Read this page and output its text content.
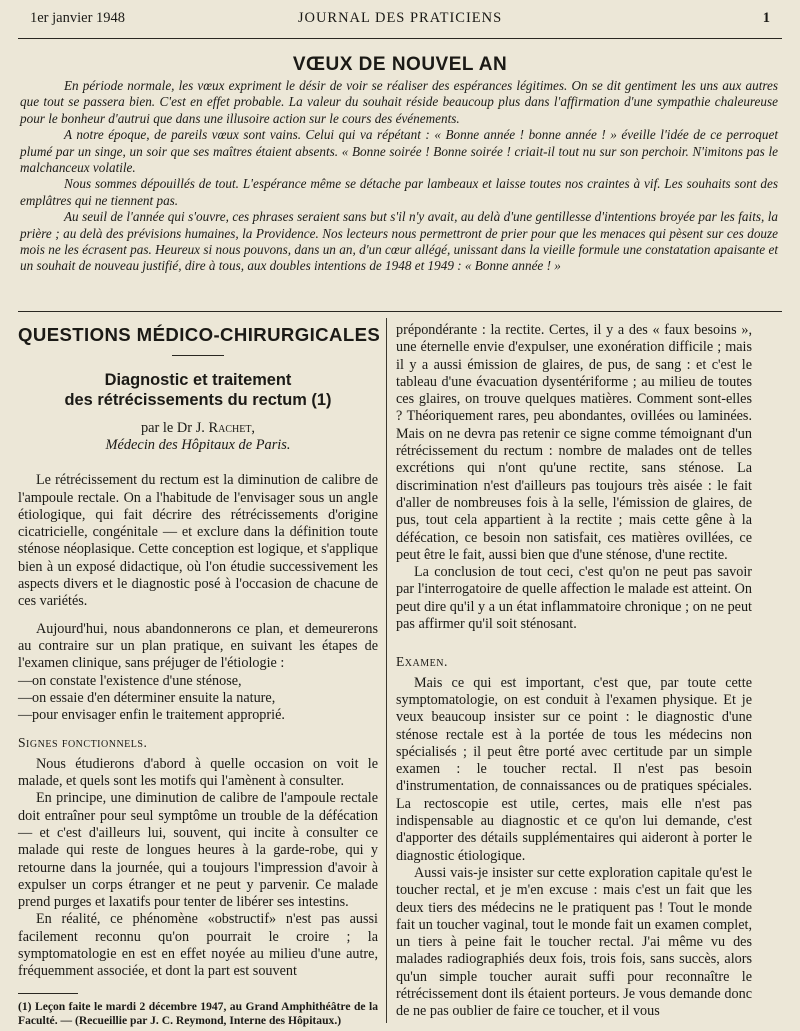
1er janvier 1948	JOURNAL DES PRATICIENS	1
VŒUX DE NOUVEL AN

En période normale, les vœux expriment le désir de voir se réaliser des espérances légitimes. On se dit gentiment les uns aux autres que tout se passera bien. C'est en effet probable. La valeur du souhait réside beaucoup plus dans l'affirmation d'une sympathie chaleureuse pour le bonheur d'autrui que dans une illusoire action sur le cours des événements.

A notre époque, de pareils vœux sont vains. Celui qui va répétant : « Bonne année ! bonne année ! » éveille l'idée de ce perroquet plumé par un singe, un soir que ses maîtres étaient absents. « Bonne soirée ! Bonne soirée ! criait-il tout nu sur son perchoir. N'imitons pas le malchanceux volatile.

Nous sommes dépouillés de tout. L'espérance même se détache par lambeaux et laisse toutes nos craintes à vif. Les souhaits sont des emplâtres qui ne tiennent pas.

Au seuil de l'année qui s'ouvre, ces phrases seraient sans but s'il n'y avait, au delà d'une gentillesse d'intentions broyée par les faits, la prière ; au delà des prévisions humaines, la Providence. Nos lecteurs nous permettront de prier pour que les menaces qui pèsent sur ces douze mois ne les écrasent pas. Heureux si nous pouvons, dans un an, d'un cœur allégé, unissant dans la vieille formule une constatation apaisante et un souhait de nouveau justifié, dire à tous, aux doubles intentions de 1948 et 1949 : « Bonne année ! »

QUESTIONS MÉDICO-CHIRURGICALES
Diagnostic et traitement
des rétrécissements du rectum (1)
par le Dr J. Rachet,
Médecin des Hôpitaux de Paris.

Le rétrécissement du rectum est la diminution de calibre de l'ampoule rectale. On a l'habitude de l'envisager sous un angle étiologique, qui fait décrire des rétrécissements d'origine cicatricielle, congénitale — et exclure dans la définition toute sténose néoplasique. Cette conception est logique, et s'applique bien à un exposé didactique, où l'on étudie successivement les aspects divers et le diagnostic posé à l'occasion de chacune de ces variétés.

Aujourd'hui, nous abandonnerons ce plan, et demeurerons au contraire sur un plan pratique, en suivant les étapes de l'examen clinique, sans préjuger de l'étiologie :

— on constate l'existence d'une sténose,
— on essaie d'en déterminer ensuite la nature,
— pour envisager enfin le traitement approprié.

Signes fonctionnels.

Nous étudierons d'abord à quelle occasion on voit le malade, et quels sont les motifs qui l'amènent à consulter.

En principe, une diminution de calibre de l'ampoule rectale doit entraîner pour seul symptôme un trouble de la défécation — et c'est d'ailleurs lui, souvent, qui incite à consulter ce malade qui reste de longues heures à la garde-robe, qui y retourne dans la journée, qui a toujours l'impression d'avoir à expulser un corps étranger et ne peut y parvenir. Ce malade prend purges et laxatifs pour tenter de libérer ses intestins.

En réalité, ce phénomène «obstructif» n'est pas aussi facilement reconnu qu'on pourrait le croire ; la symptomatologie en est en effet noyée au milieu d'une autre, fréquemment associée, et dont la part est souvent

(1) Leçon faite le mardi 2 décembre 1947, au Grand Amphithéâtre de la Faculté. — (Recueillie par J. C. Reymond, Interne des Hôpitaux.)

prépondérante : la rectite. Certes, il y a des « faux besoins », une éternelle envie d'expulser, une exonération difficile ; mais il y a aussi émission de glaires, de pus, de sang : et c'est le tableau d'une évacuation dysentériforme ; au milieu de toutes ces glaires, on trouve quelques matières. Comment sont-elles ? Théoriquement rares, peu abondantes, ovillées ou laminées. Mais on ne devra pas retenir ce signe comme témoignant d'un rétrécissement du rectum : nombre de malades ont de telles excrétions qui n'ont qu'une rectite, sans sténose. La discrimination n'est d'ailleurs pas toujours très aisée : le fait d'aller de nombreuses fois à la selle, l'émission de glaires, de pus, tout cela appartient à la rectite ; mais cette gêne à la défécation, ce besoin non satisfait, ces matières ovillées, ce peut être le fait, aussi bien que d'une sténose, d'une rectite.

La conclusion de tout ceci, c'est qu'on ne peut pas savoir par l'interrogatoire de quelle affection le malade est atteint. On peut dire qu'il y a un état inflammatoire chronique ; on ne peut pas affirmer qu'il soit sténosant.

Examen.

Mais ce qui est important, c'est que, par toute cette symptomatologie, on est conduit à l'examen physique. Et je veux beaucoup insister sur ce point : le diagnostic d'une sténose rectale est à la portée de tous les médecins non spécialisés ; il peut être porté avec certitude par un simple examen : le toucher rectal. Il n'est pas besoin d'instrumentation, de connaissances ou de pratiques spéciales. La rectoscopie est utile, certes, mais elle n'est pas indispensable au diagnostic et ce qu'on lui demande, c'est d'apporter des détails supplémentaires qui aideront à porter le diagnostic étiologique.

Aussi vais-je insister sur cette exploration capitale qu'est le toucher rectal, et je m'en excuse : mais c'est un fait que les deux tiers des médecins ne le pratiquent pas ! Tout le monde fait un toucher vaginal, tout le monde fait un examen complet, un tiers à peine fait le toucher rectal. J'ai même vu des malades radiographiés deux fois, trois fois, sans succès, alors qu'un simple toucher aurait suffi pour reconnaître le rétrécissement dont ils étaient porteurs. Je vous demande donc de ne pas oublier de faire ce toucher, et il vous
